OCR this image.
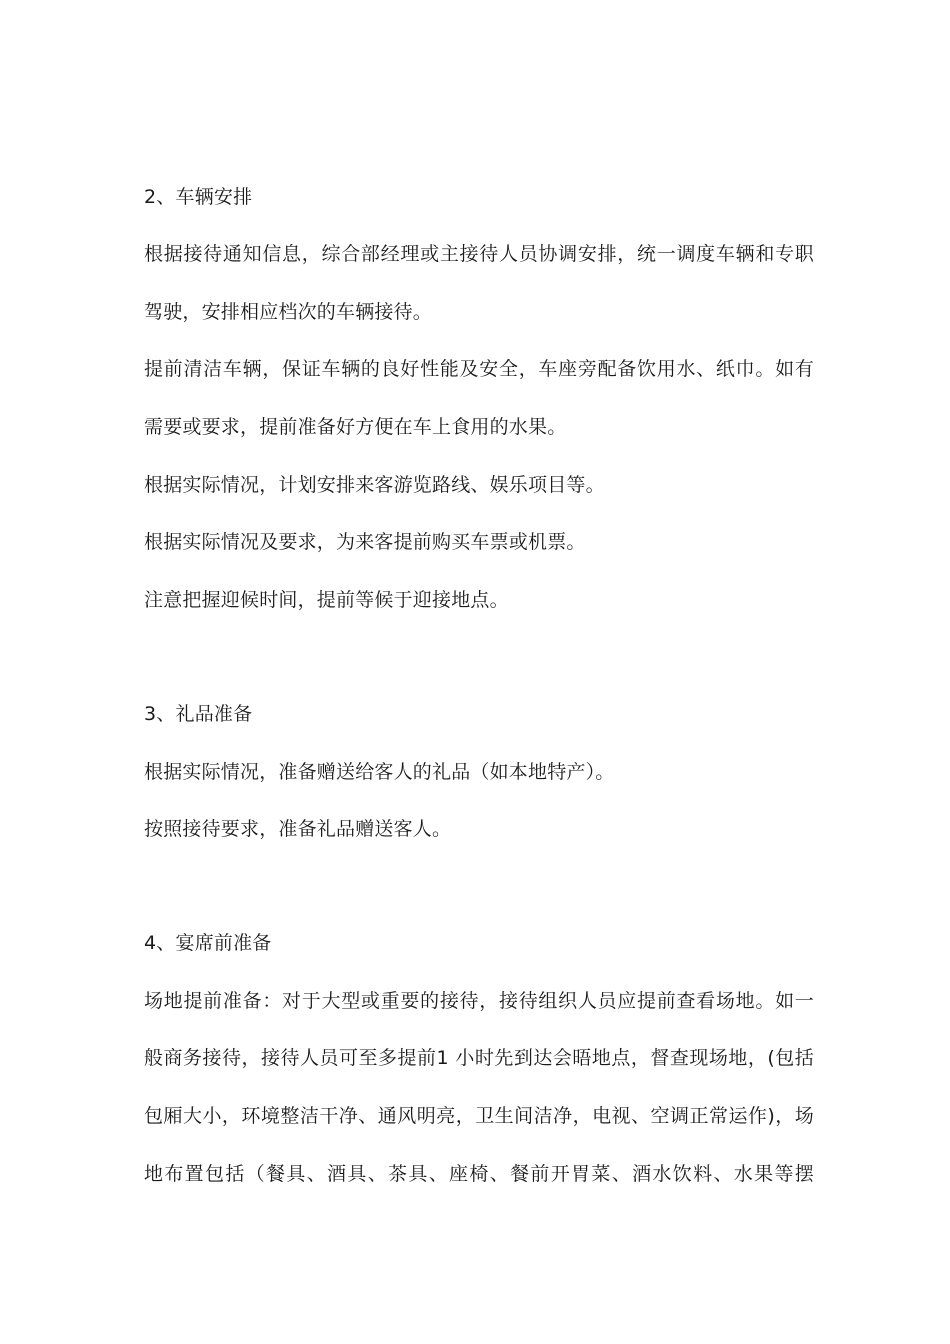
2、车辆安排
根据接待通知信息，综合部经理或主接待人员协调安排，统一调度车辆和专职
驾驶，安排相应档次的车辆接待。
提前清洁车辆，保证车辆的良好性能及安全，车座旁配备饮用水、纸巾。如有
需要或要求，提前准备好方便在车上食用的水果。
根据实际情况，计划安排来客游览路线、娱乐项目等。
根据实际情况及要求，为来客提前购买车票或机票。
注意把握迎候时间，提前等候于迎接地点。
3、礼品准备
根据实际情况，准备赠送给客人的礼品（如本地特产）。
按照接待要求，准备礼品赠送客人。
4、宴席前准备
场地提前准备：对于大型或重要的接待，接待组织人员应提前查看场地。如一
般商务接待，接待人员可至多提前1 小时先到达会晤地点，督查现场地，(包括
包厢大小，环境整洁干净、通风明亮，卫生间洁净，电视、空调正常运作)，场
地布置包括（餐具、酒具、茶具、座椅、餐前开胃菜、酒水饮料、水果等摆
